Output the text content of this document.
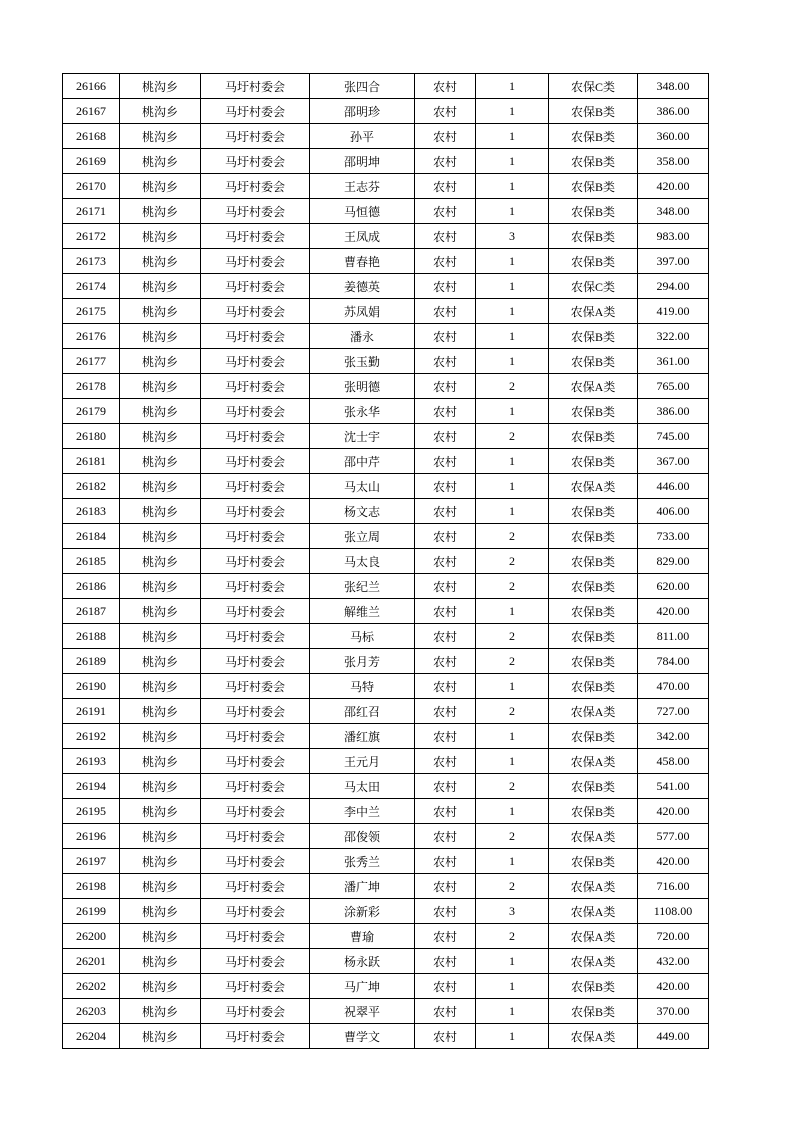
26166	桃沟乡	马圩村委会	张四合	农村	1	农保C类	348.00
26167	桃沟乡	马圩村委会	邵明珍	农村	1	农保B类	386.00
26168	桃沟乡	马圩村委会	孙平	农村	1	农保B类	360.00
26169	桃沟乡	马圩村委会	邵明坤	农村	1	农保B类	358.00
26170	桃沟乡	马圩村委会	王志芬	农村	1	农保B类	420.00
26171	桃沟乡	马圩村委会	马恒德	农村	1	农保B类	348.00
26172	桃沟乡	马圩村委会	王凤成	农村	3	农保B类	983.00
26173	桃沟乡	马圩村委会	曹春艳	农村	1	农保B类	397.00
26174	桃沟乡	马圩村委会	姜德英	农村	1	农保C类	294.00
26175	桃沟乡	马圩村委会	苏凤娟	农村	1	农保A类	419.00
26176	桃沟乡	马圩村委会	潘永	农村	1	农保B类	322.00
26177	桃沟乡	马圩村委会	张玉勤	农村	1	农保B类	361.00
26178	桃沟乡	马圩村委会	张明德	农村	2	农保A类	765.00
26179	桃沟乡	马圩村委会	张永华	农村	1	农保B类	386.00
26180	桃沟乡	马圩村委会	沈士宇	农村	2	农保B类	745.00
26181	桃沟乡	马圩村委会	邵中芹	农村	1	农保B类	367.00
26182	桃沟乡	马圩村委会	马太山	农村	1	农保A类	446.00
26183	桃沟乡	马圩村委会	杨文志	农村	1	农保B类	406.00
26184	桃沟乡	马圩村委会	张立周	农村	2	农保B类	733.00
26185	桃沟乡	马圩村委会	马太良	农村	2	农保B类	829.00
26186	桃沟乡	马圩村委会	张纪兰	农村	2	农保B类	620.00
26187	桃沟乡	马圩村委会	解维兰	农村	1	农保B类	420.00
26188	桃沟乡	马圩村委会	马标	农村	2	农保B类	811.00
26189	桃沟乡	马圩村委会	张月芳	农村	2	农保B类	784.00
26190	桃沟乡	马圩村委会	马特	农村	1	农保B类	470.00
26191	桃沟乡	马圩村委会	邵红召	农村	2	农保A类	727.00
26192	桃沟乡	马圩村委会	潘红旗	农村	1	农保B类	342.00
26193	桃沟乡	马圩村委会	王元月	农村	1	农保A类	458.00
26194	桃沟乡	马圩村委会	马太田	农村	2	农保B类	541.00
26195	桃沟乡	马圩村委会	李中兰	农村	1	农保B类	420.00
26196	桃沟乡	马圩村委会	邵俊领	农村	2	农保A类	577.00
26197	桃沟乡	马圩村委会	张秀兰	农村	1	农保B类	420.00
26198	桃沟乡	马圩村委会	潘广坤	农村	2	农保A类	716.00
26199	桃沟乡	马圩村委会	涂新彩	农村	3	农保A类	1108.00
26200	桃沟乡	马圩村委会	曹瑜	农村	2	农保A类	720.00
26201	桃沟乡	马圩村委会	杨永跃	农村	1	农保A类	432.00
26202	桃沟乡	马圩村委会	马广坤	农村	1	农保B类	420.00
26203	桃沟乡	马圩村委会	祝翠平	农村	1	农保B类	370.00
26204	桃沟乡	马圩村委会	曹学文	农村	1	农保A类	449.00
